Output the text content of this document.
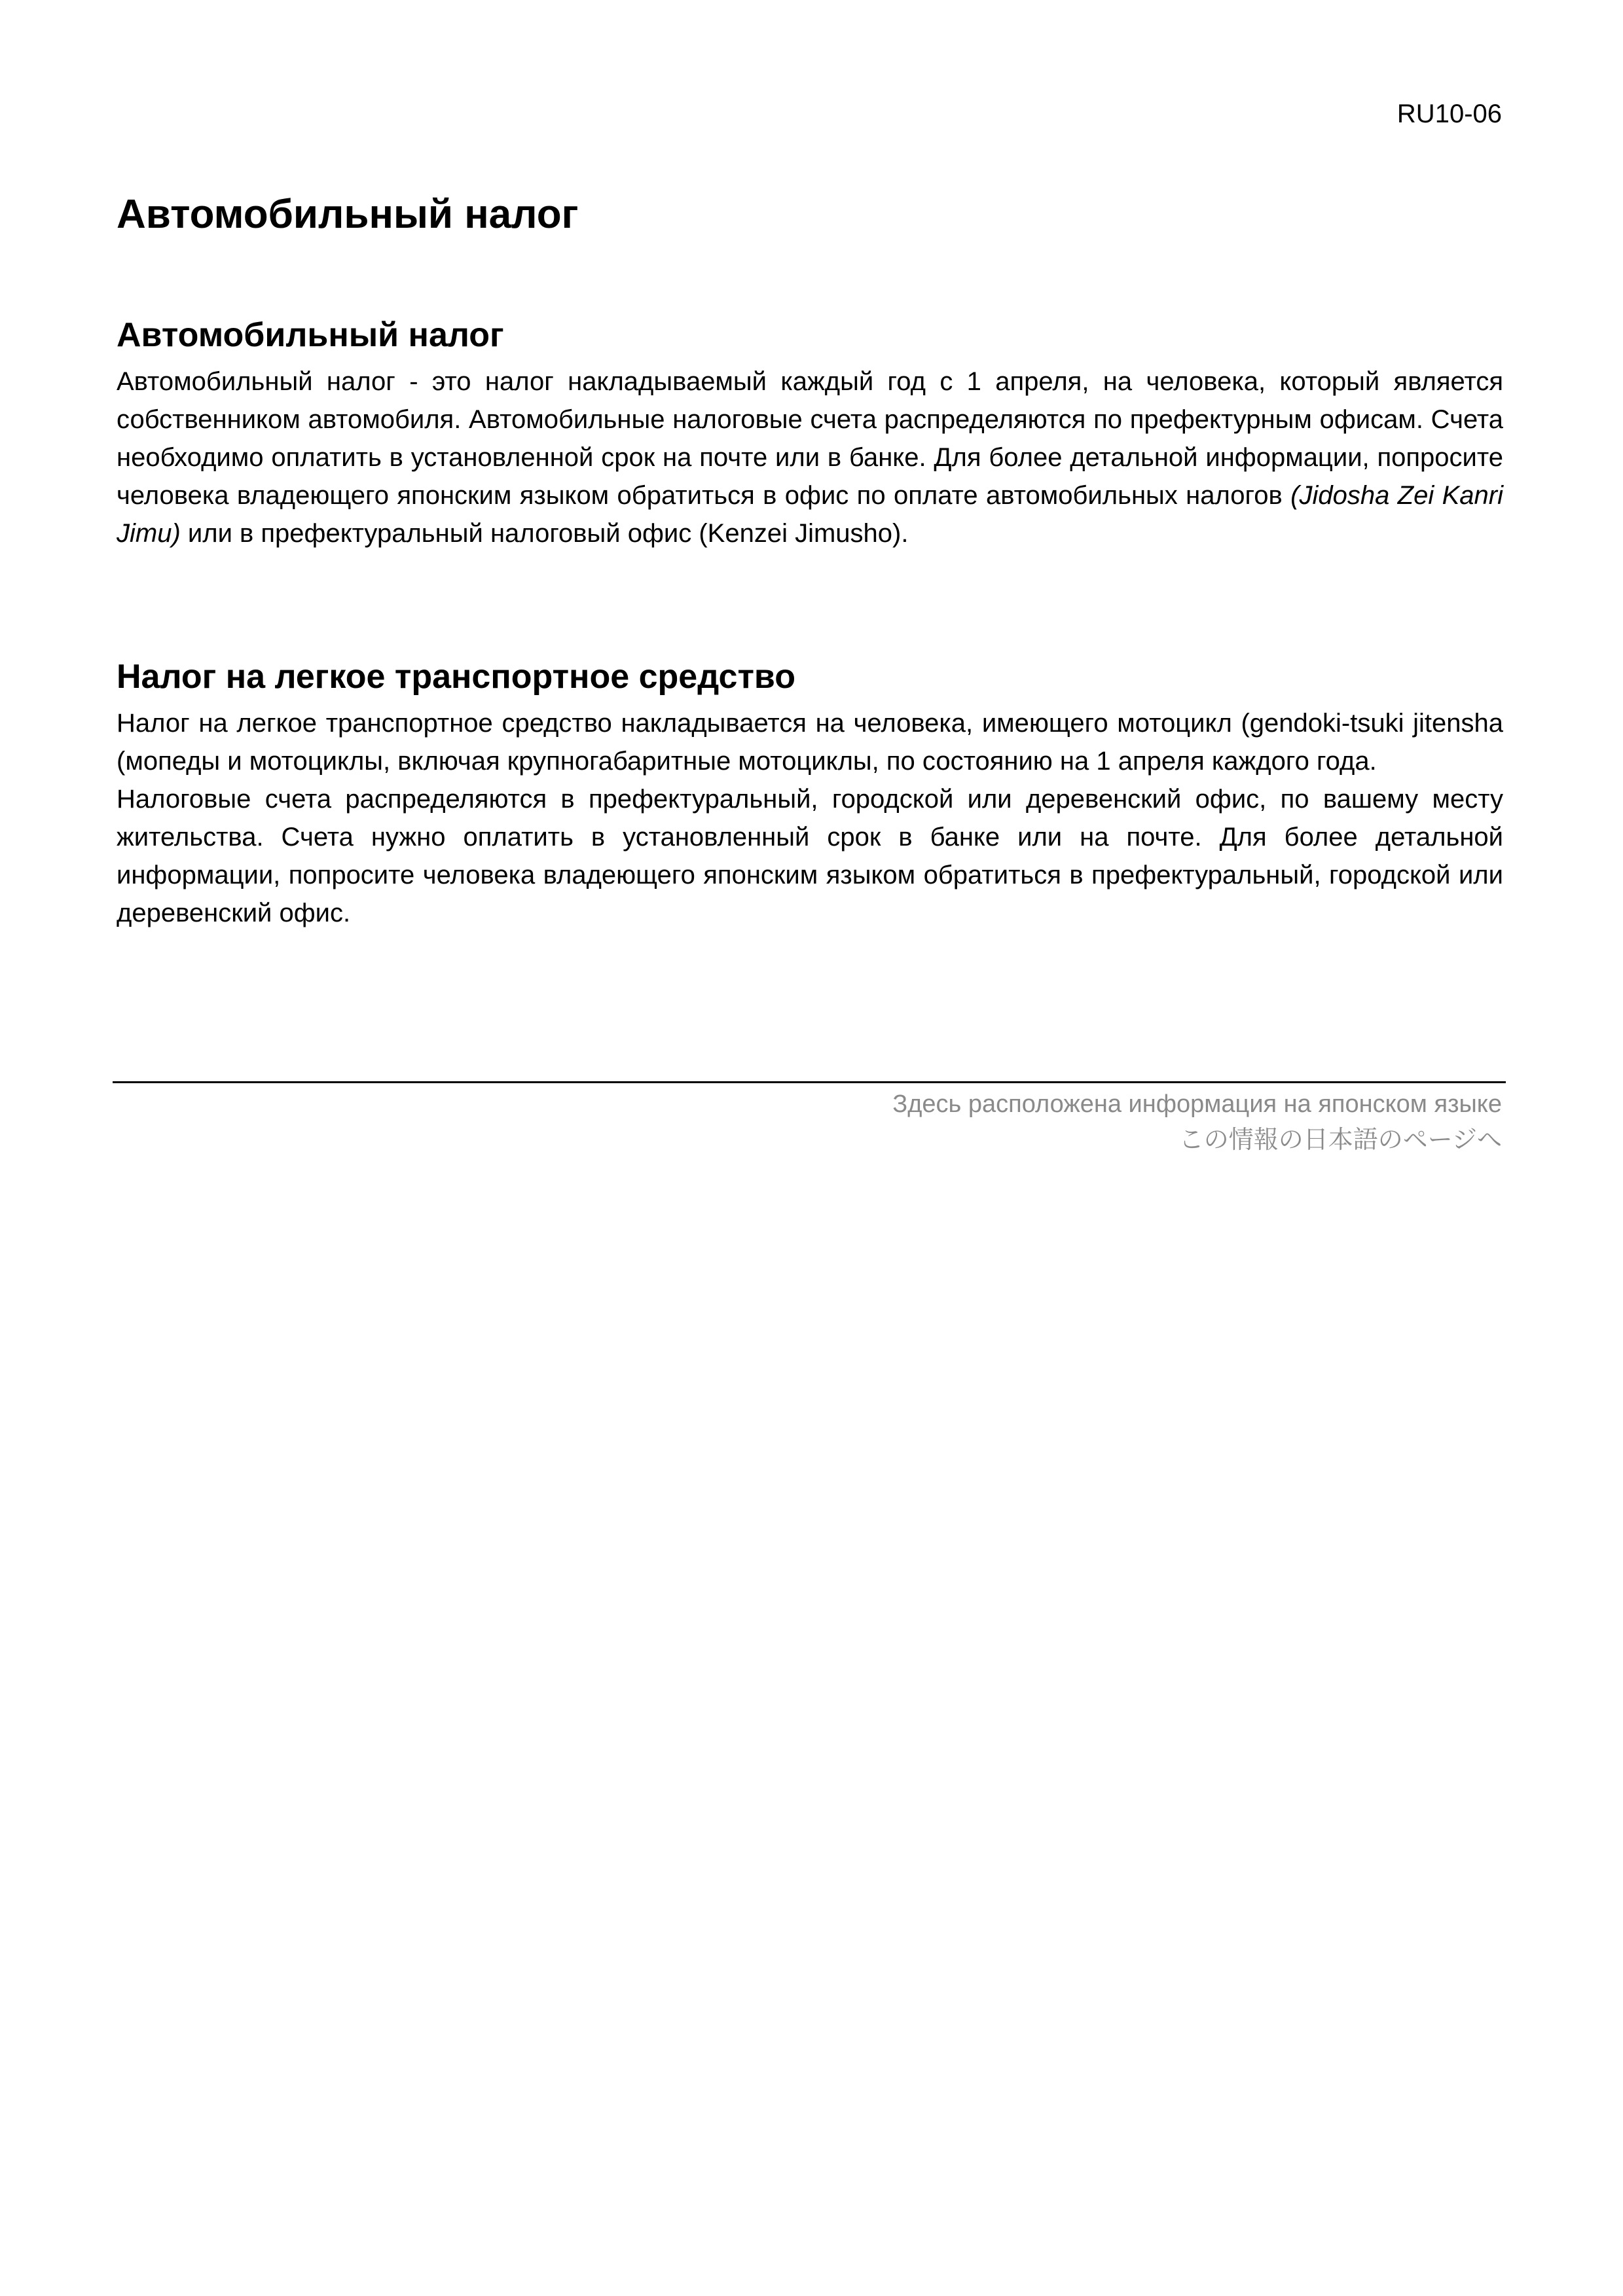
RU10-06
Автомобильный налог
Автомобильный налог

Автомобильный налог - это налог накладываемый каждый год с 1 апреля, на человека, который является собственником автомобиля. Автомобильные налоговые счета распределяются по префектурным офисам. Счета необходимо оплатить в установленной срок на почте или в банке. Для более детальной информации, попросите человека владеющего японским языком обратиться в офис по оплате автомобильных налогов (Jidosha Zei Kanri Jimu) или в префектуральный налоговый офис (Kenzei Jimusho).

Налог на легкое транспортное средство

Налог на легкое транспортное средство накладывается на человека, имеющего мотоцикл (gendoki-tsuki jitensha (мопеды и мотоциклы, включая крупногабаритные мотоциклы, по состоянию на 1 апреля каждого года.

Налоговые счета распределяются в префектуральный, городской или деревенский офис, по вашему месту жительства. Счета нужно оплатить в установленный срок в банке или на почте. Для более детальной информации, попросите человека владеющего японским языком обратиться в префектуральный, городской или деревенский офис.

Здесь расположена информация на японском языке
この情報の日本語のページへ
